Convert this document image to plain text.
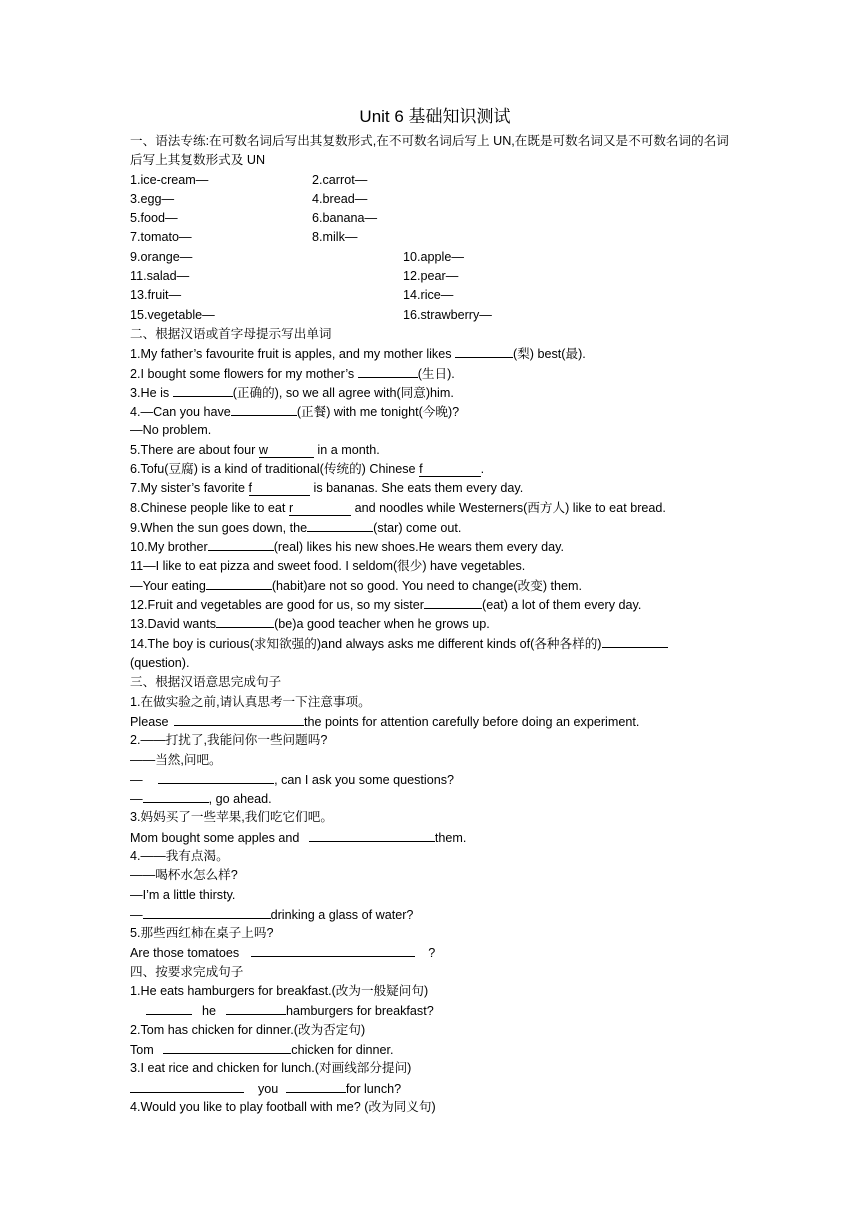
Unit 6 基础知识测试
一、语法专练:在可数名词后写出其复数形式,在不可数名词后写上 UN,在既是可数名词又是不可数名词的名词后写上其复数形式及 UN
1.ice-cream—	2.carrot—
3.egg—	4.bread—
5.food—	6.banana—
7.tomato—	8.milk—
9.orange—	10.apple—
11.salad—	12.pear—
13.fruit—	14.rice—
15.vegetable—	16.strawberry—
二、根据汉语或首字母提示写出单词
1.My father’s favourite fruit is apples, and my mother likes	(梨) best(最).
2.I bought some flowers for my mother’s	(生日).
3.He is	(正确的), so we all agree with(同意)him.
4.—Can you have	(正餐) with me tonight(今晚)?
—No problem.
5.There are about four w	in a month.
6.Tofu(豆腐) is a kind of traditional(传统的) Chinese f	.
7.My sister’s favorite f	is bananas. She eats them every day.
8.Chinese people like to eat r	and noodles while Westerners(西方人) like to eat bread.
9.When the sun goes down, the	(star) come out.
10.My brother	(real) likes his new shoes.He wears them every day.
11—I like to eat pizza and sweet food. I seldom(很少) have vegetables.
—Your eating	(habit)are not so good. You need to change(改变) them.
12.Fruit and vegetables are good for us, so my sister	(eat) a lot of them every day.
13.David wants	(be)a good teacher when he grows up.
14.The boy is curious(求知欲强的)and always asks me different kinds of(各种各样的)
(question).
三、根据汉语意思完成句子
1.在做实验之前,请认真思考一下注意事项。
Please	the points for attention carefully before doing an experiment.
2.——打扰了,我能问你一些问题吗?
——当然,问吧。
—	, can I ask you some questions?
—	, go ahead.
3.妈妈买了一些苹果,我们吃它们吧。
Mom bought some apples and	them.
4.——我有点渴。
——喝杯水怎么样?
—I’m a little thirsty.
—	drinking a glass of water?
5.那些西红柿在桌子上吗?
Are those tomatoes	?
四、按要求完成句子
1.He eats hamburgers for breakfast.(改为一般疑问句)
he	hamburgers for breakfast?
2.Tom has chicken for dinner.(改为否定句)
Tom	chicken for dinner.
3.I eat rice and chicken for lunch.(对画线部分提问)
you	for lunch?
4.Would you like to play football with me? (改为同义句)
